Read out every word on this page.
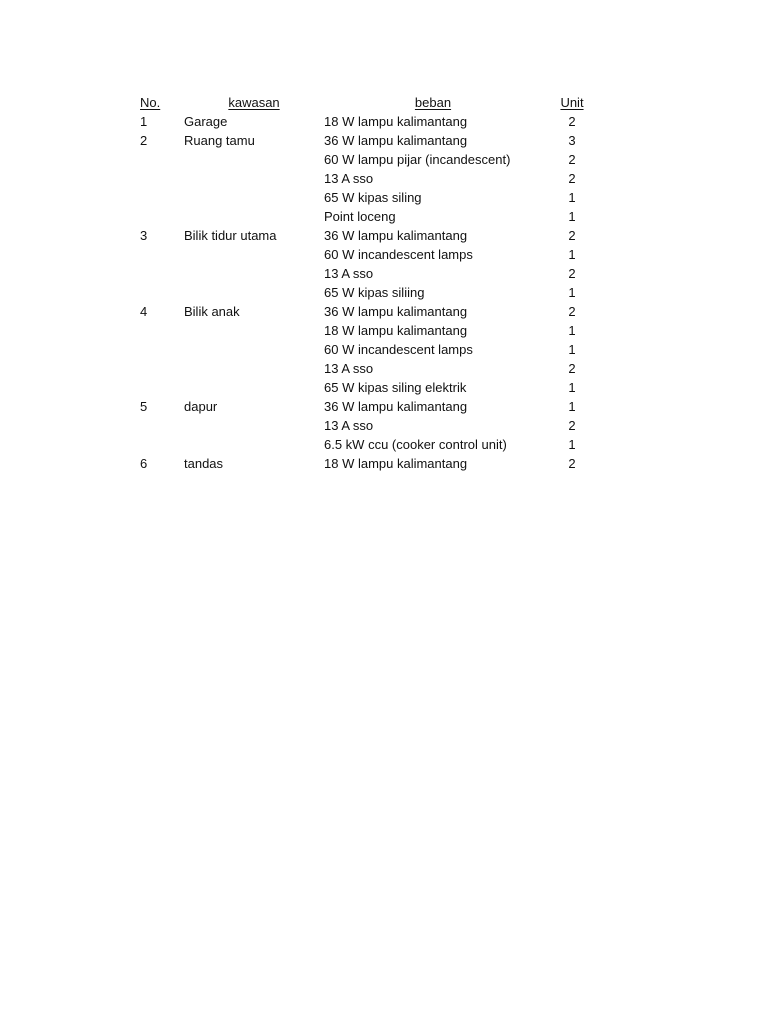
No.	kawasan	beban	Unit
1	Garage	18 W lampu kalimantang	2
2	Ruang tamu	36 W lampu kalimantang	3
		60 W lampu pijar (incandescent)	2
		13 A sso	2
		65 W kipas siling	1
		Point loceng	1
3	Bilik tidur utama	36 W lampu kalimantang	2
		60 W incandescent lamps	1
		13 A sso	2
		65 W kipas siliing	1
4	Bilik anak	36 W lampu kalimantang	2
		18 W lampu kalimantang	1
		60 W incandescent lamps	1
		13 A sso	2
		65 W kipas siling elektrik	1
5	dapur	36 W lampu kalimantang	1
		13 A sso	2
		6.5 kW ccu (cooker control unit)	1
6	tandas	18 W lampu kalimantang	2
